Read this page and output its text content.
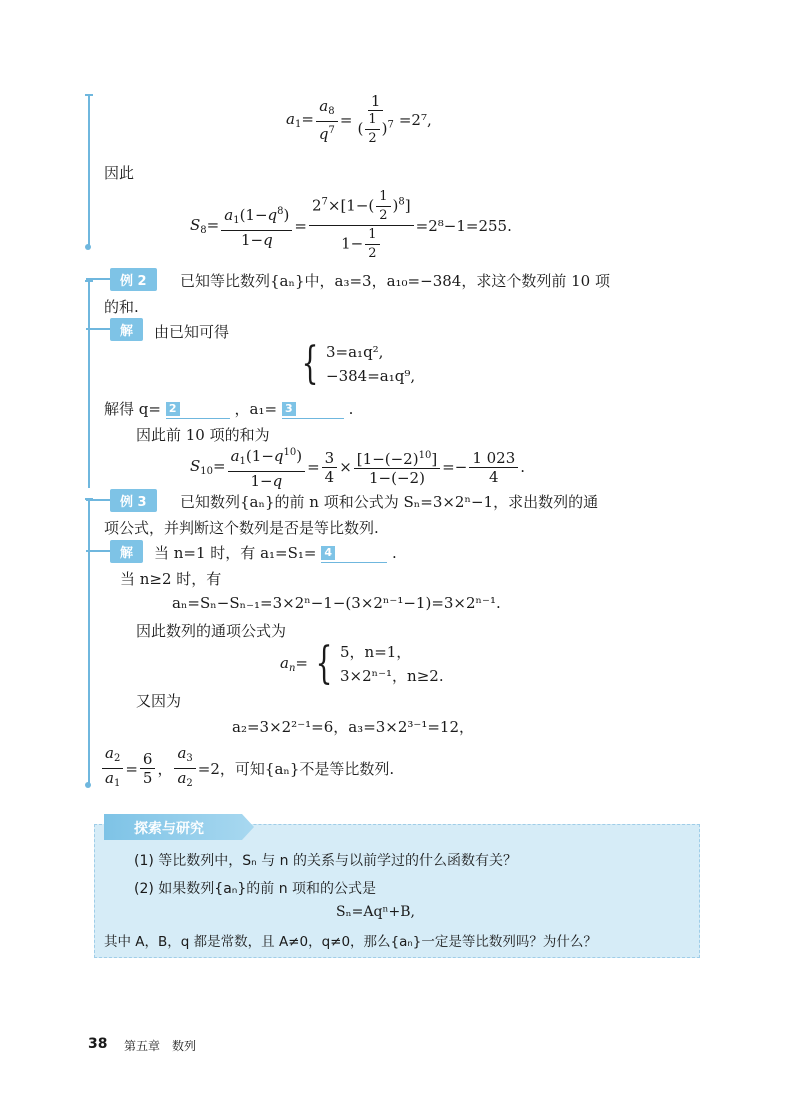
$a_1= \frac{a_8}{q^7} = \frac{1}{( \frac{1}{2} )^7} =2^7$,
因此
$S_8= \frac{a_1(1-q^8)}{1-q} = \frac{2^7\times[1-( \frac{1}{2} )^8]}{1- \frac{1}{2}} =2^8-1=255$.
例 2	已知等比数列{aₙ}中，a₃=3，a₁₀=−384，求这个数列前 10 项
的和.
解	由已知可得
{ 3=a₁q²,
−384=a₁q⁹,
解得 q= 2	，a₁= 3	.
因此前 10 项的和为
$S_{10}= \frac{a_1(1-q^{10})}{1-q} = \frac{3}{4} \times \frac{[1-(-2)^{10}]}{1-(-2)} =- \frac{1 023}{4}$ .
例 3	已知数列{aₙ}的前 n 项和公式为 Sₙ=3×2ⁿ−1，求出数列的通
项公式，并判断这个数列是否是等比数列.
解	当 n=1 时，有 a₁=S₁= 4	.
当 n≥2 时，有
aₙ=Sₙ−Sₙ₋₁=3×2ⁿ−1−(3×2ⁿ⁻¹−1)=3×2ⁿ⁻¹.
因此数列的通项公式为
$a_n=$ { 5，n=1，
3×2ⁿ⁻¹，n≥2.
又因为
a₂=3×2²⁻¹=6，a₃=3×2³⁻¹=12，
$\frac{a_2}{a_1} = \frac{6}{5}$ ， $\frac{a_3}{a_2} =2$，可知{aₙ}不是等比数列.
探索与研究
(1) 等比数列中，Sₙ 与 n 的关系与以前学过的什么函数有关？
(2) 如果数列{aₙ}的前 n 项和的公式是
Sₙ=Aqⁿ+B,
其中 A，B，q 都是常数，且 A≠0，q≠0，那么{aₙ}一定是等比数列吗？为什么？
38 第五章　数列
